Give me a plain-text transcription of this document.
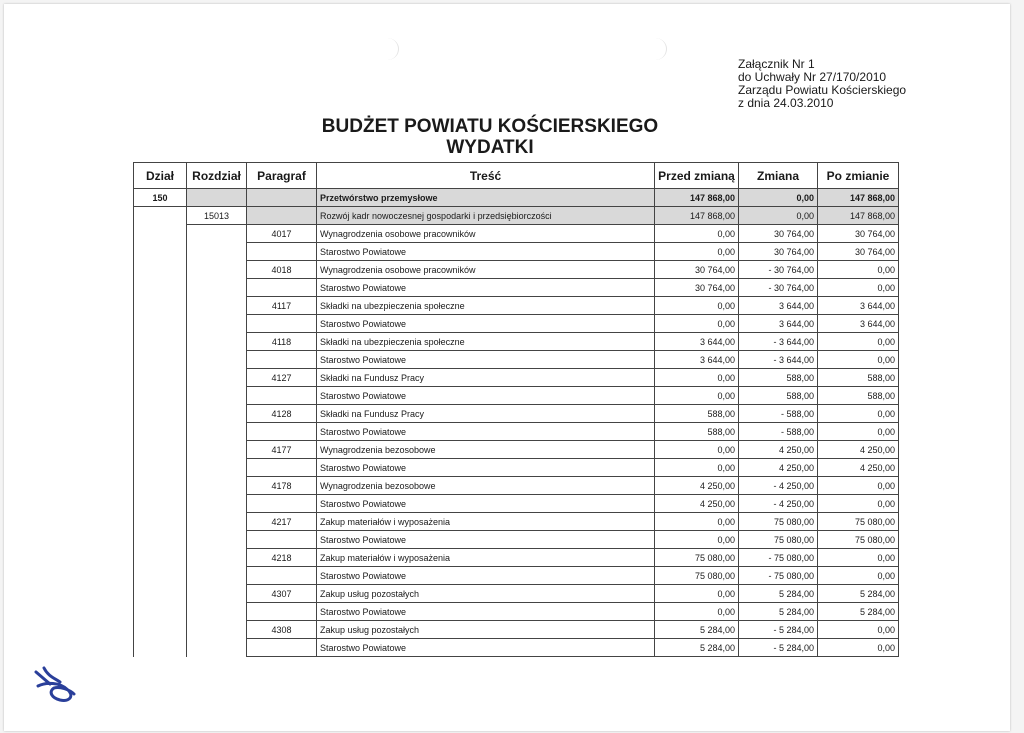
Załącznik Nr 1
do Uchwały Nr 27/170/2010
Zarządu Powiatu Kościerskiego
z dnia 24.03.2010
BUDŻET POWIATU KOŚCIERSKIEGO
WYDATKI
Dział	Rozdział	Paragraf	Treść	Przed zmianą	Zmiana	Po zmianie
150			Przetwórstwo przemysłowe	147 868,00	0,00	147 868,00
	15013		Rozwój kadr nowoczesnej gospodarki i przedsiębiorczości	147 868,00	0,00	147 868,00
		4017	Wynagrodzenia osobowe pracowników	0,00	30 764,00	30 764,00
			Starostwo Powiatowe	0,00	30 764,00	30 764,00
		4018	Wynagrodzenia osobowe pracowników	30 764,00	- 30 764,00	0,00
			Starostwo Powiatowe	30 764,00	- 30 764,00	0,00
		4117	Składki na ubezpieczenia społeczne	0,00	3 644,00	3 644,00
			Starostwo Powiatowe	0,00	3 644,00	3 644,00
		4118	Składki na ubezpieczenia społeczne	3 644,00	- 3 644,00	0,00
			Starostwo Powiatowe	3 644,00	- 3 644,00	0,00
		4127	Składki na Fundusz Pracy	0,00	588,00	588,00
			Starostwo Powiatowe	0,00	588,00	588,00
		4128	Składki na Fundusz Pracy	588,00	- 588,00	0,00
			Starostwo Powiatowe	588,00	- 588,00	0,00
		4177	Wynagrodzenia bezosobowe	0,00	4 250,00	4 250,00
			Starostwo Powiatowe	0,00	4 250,00	4 250,00
		4178	Wynagrodzenia bezosobowe	4 250,00	- 4 250,00	0,00
			Starostwo Powiatowe	4 250,00	- 4 250,00	0,00
		4217	Zakup materiałów i wyposażenia	0,00	75 080,00	75 080,00
			Starostwo Powiatowe	0,00	75 080,00	75 080,00
		4218	Zakup materiałów i wyposażenia	75 080,00	- 75 080,00	0,00
			Starostwo Powiatowe	75 080,00	- 75 080,00	0,00
		4307	Zakup usług pozostałych	0,00	5 284,00	5 284,00
			Starostwo Powiatowe	0,00	5 284,00	5 284,00
		4308	Zakup usług pozostałych	5 284,00	- 5 284,00	0,00
			Starostwo Powiatowe	5 284,00	- 5 284,00	0,00
